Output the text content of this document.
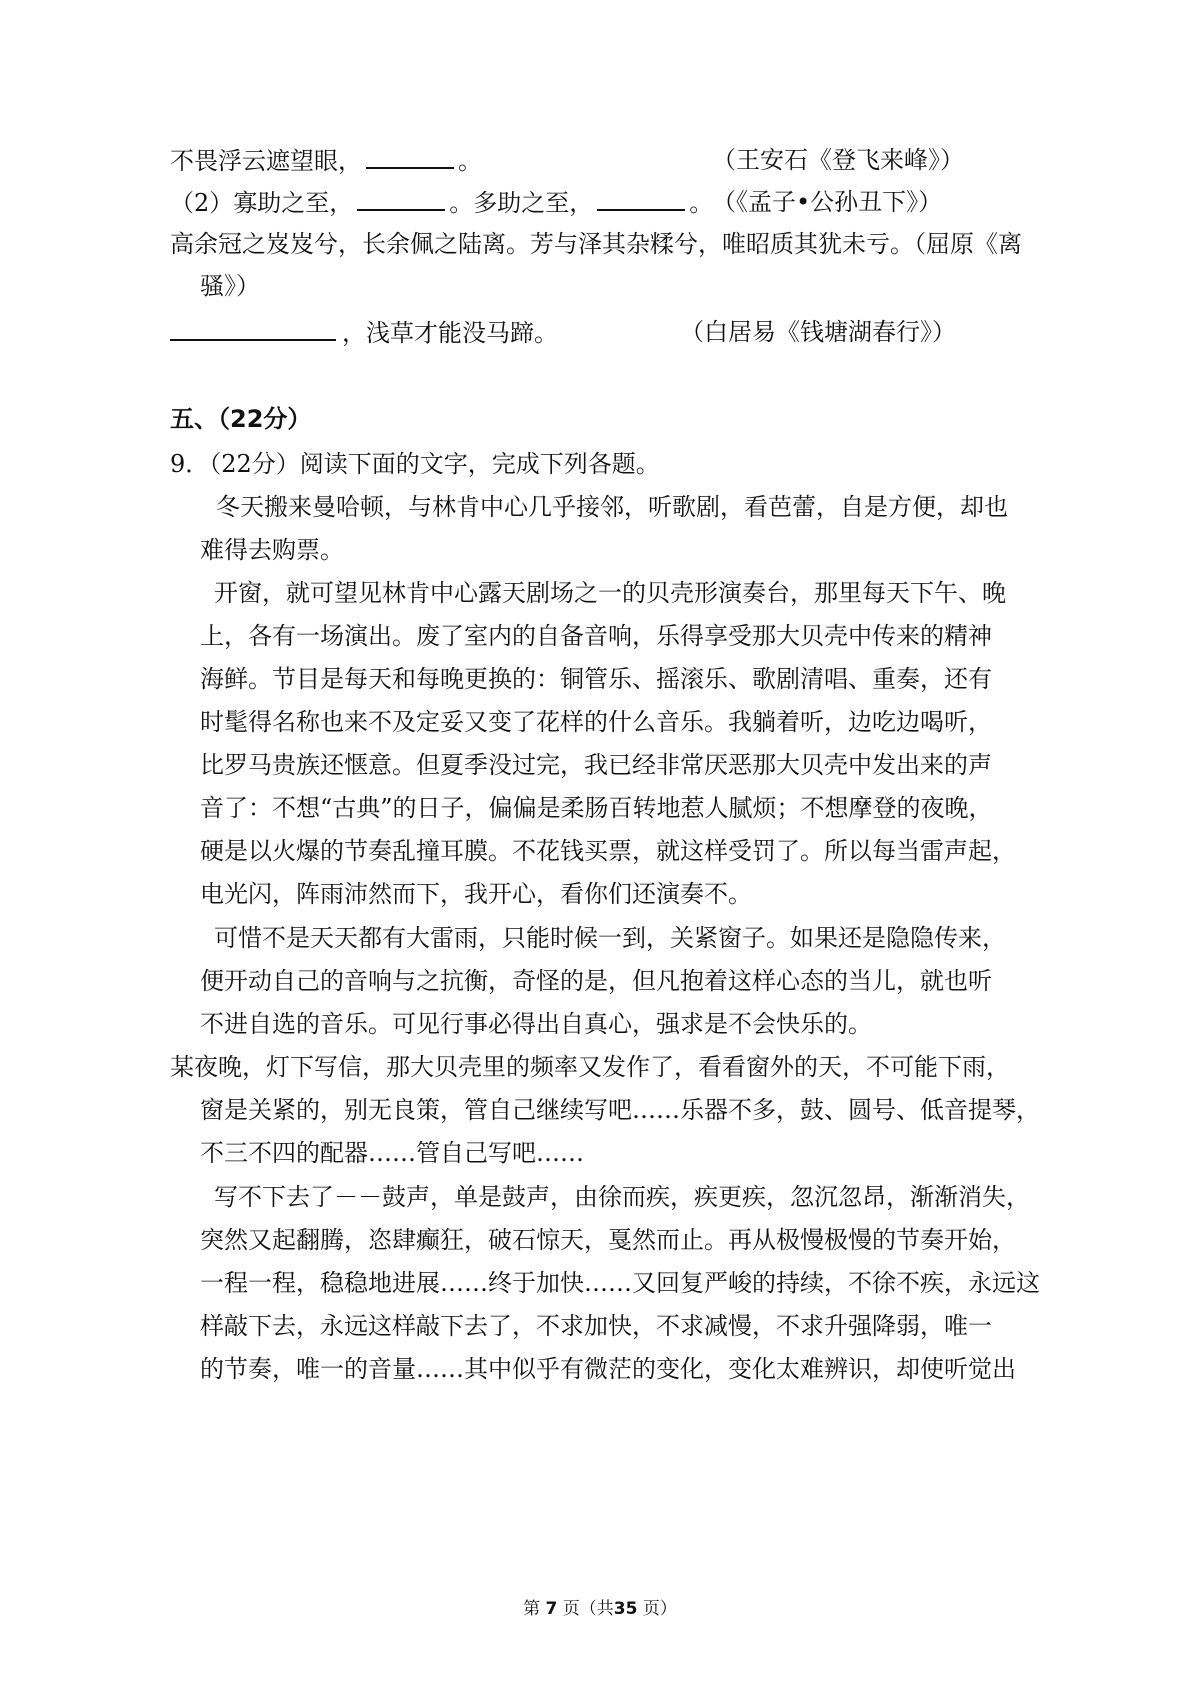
不畏浮云遮望眼，	。	（王安石《登飞来峰》）
（2）寡助之至，	。多助之至，	。
（《孟子•公孙丑下》）
高余冠之岌岌兮，长余佩之陆离。芳与泽其杂糅兮，唯昭质其犹未亏。（屈原《离
骚》）
，浅草才能没马蹄。	（白居易《钱塘湖春行》）
五、（22分）
9．（22分）阅读下面的文字，完成下列各题。
冬天搬来曼哈顿，与林肯中心几乎接邻，听歌剧，看芭蕾，自是方便，却也
难得去购票。
开窗，就可望见林肯中心露天剧场之一的贝壳形演奏台，那里每天下午、晚
上，各有一场演出。废了室内的自备音响，乐得享受那大贝壳中传来的精神
海鲜。节目是每天和每晚更换的：铜管乐、摇滚乐、歌剧清唱、重奏，还有
时髦得名称也来不及定妥又变了花样的什么音乐。我躺着听，边吃边喝听，
比罗马贵族还惬意。但夏季没过完，我已经非常厌恶那大贝壳中发出来的声
音了：不想“古典”的日子，偏偏是柔肠百转地惹人腻烦；不想摩登的夜晚，
硬是以火爆的节奏乱撞耳膜。不花钱买票，就这样受罚了。所以每当雷声起，
电光闪，阵雨沛然而下，我开心，看你们还演奏不。
可惜不是天天都有大雷雨，只能时候一到，关紧窗子。如果还是隐隐传来，
便开动自己的音响与之抗衡，奇怪的是，但凡抱着这样心态的当儿，就也听
不进自选的音乐。可见行事必得出自真心，强求是不会快乐的。
某夜晚，灯下写信，那大贝壳里的频率又发作了，看看窗外的天，不可能下雨，
窗是关紧的，别无良策，管自己继续写吧……乐器不多，鼓、圆号、低音提琴，
不三不四的配器……管自己写吧……
写不下去了－－鼓声，单是鼓声，由徐而疾，疾更疾，忽沉忽昂，渐渐消失，
突然又起翻腾，恣肆癫狂，破石惊天，戛然而止。再从极慢极慢的节奏开始，
一程一程，稳稳地进展……终于加快……又回复严峻的持续，不徐不疾，永远这
样敲下去，永远这样敲下去了，不求加快，不求减慢，不求升强降弱，唯一
的节奏，唯一的音量……其中似乎有微茫的变化，变化太难辨识，却使听觉出
第 7 页（共35 页）
